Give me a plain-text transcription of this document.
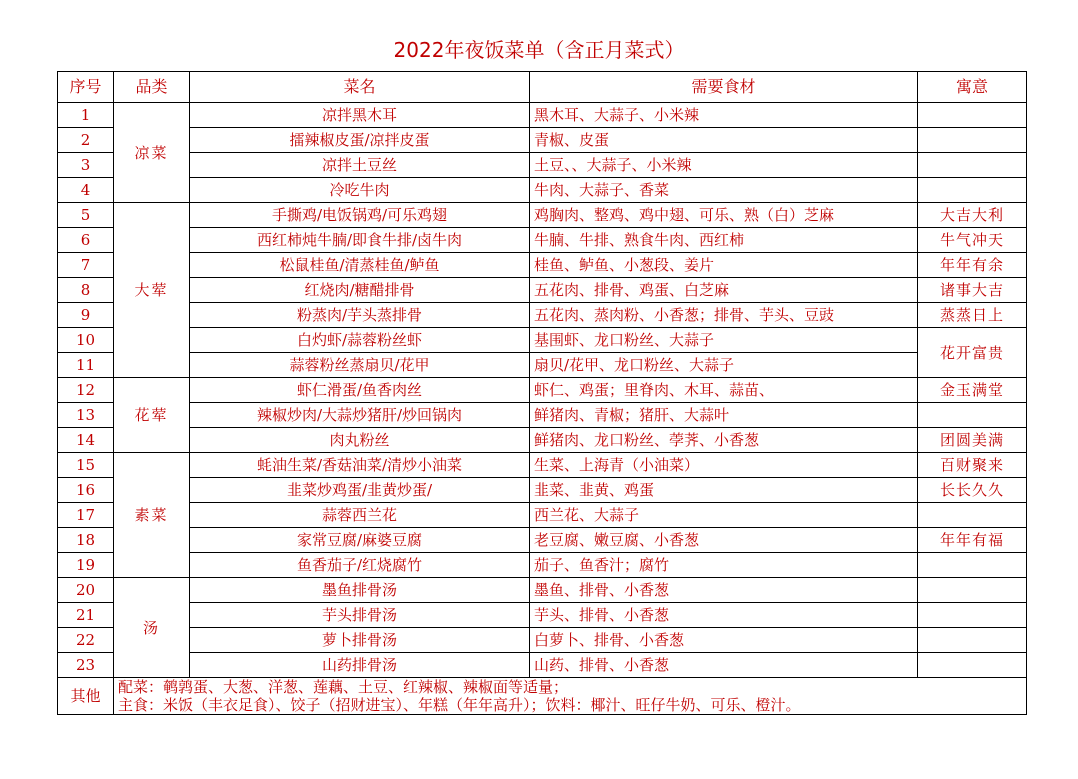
2022年夜饭菜单（含正月菜式）
序号	品类	菜名	需要食材	寓意
1	凉菜	凉拌黑木耳	黑木耳、大蒜子、小米辣	
2		擂辣椒皮蛋/凉拌皮蛋	青椒、皮蛋	
3		凉拌土豆丝	土豆、、大蒜子、小米辣	
4		冷吃牛肉	牛肉、大蒜子、香菜	
5	大荤	手撕鸡/电饭锅鸡/可乐鸡翅	鸡胸肉、整鸡、鸡中翅、可乐、熟（白）芝麻	大吉大利
6		西红柿炖牛腩/即食牛排/卤牛肉	牛腩、牛排、熟食牛肉、西红柿	牛气冲天
7		松鼠桂鱼/清蒸桂鱼/鲈鱼	桂鱼、鲈鱼、小葱段、姜片	年年有余
8		红烧肉/糖醋排骨	五花肉、排骨、鸡蛋、白芝麻	诸事大吉
9		粉蒸肉/芋头蒸排骨	五花肉、蒸肉粉、小香葱；排骨、芋头、豆豉	蒸蒸日上
10		白灼虾/蒜蓉粉丝虾	基围虾、龙口粉丝、大蒜子	花开富贵
11		蒜蓉粉丝蒸扇贝/花甲	扇贝/花甲、龙口粉丝、大蒜子	
12	花荤	虾仁滑蛋/鱼香肉丝	虾仁、鸡蛋；里脊肉、木耳、蒜苗、	金玉满堂
13		辣椒炒肉/大蒜炒猪肝/炒回锅肉	鲜猪肉、青椒；猪肝、大蒜叶	
14		肉丸粉丝	鲜猪肉、龙口粉丝、荸荠、小香葱	团圆美满
15	素菜	蚝油生菜/香菇油菜/清炒小油菜	生菜、上海青（小油菜）	百财聚来
16		韭菜炒鸡蛋/韭黄炒蛋/	韭菜、韭黄、鸡蛋	长长久久
17		蒜蓉西兰花	西兰花、大蒜子	
18		家常豆腐/麻婆豆腐	老豆腐、嫩豆腐、小香葱	年年有福
19		鱼香茄子/红烧腐竹	茄子、鱼香汁；腐竹	
20	汤	墨鱼排骨汤	墨鱼、排骨、小香葱	
21		芋头排骨汤	芋头、排骨、小香葱	
22		萝卜排骨汤	白萝卜、排骨、小香葱	
23		山药排骨汤	山药、排骨、小香葱	
其他	配菜：鹌鹑蛋、大葱、洋葱、莲藕、土豆、红辣椒、辣椒面等适量；
主食：米饭（丰衣足食）、饺子（招财进宝）、年糕（年年高升）；饮料：椰汁、旺仔牛奶、可乐、橙汁。			
